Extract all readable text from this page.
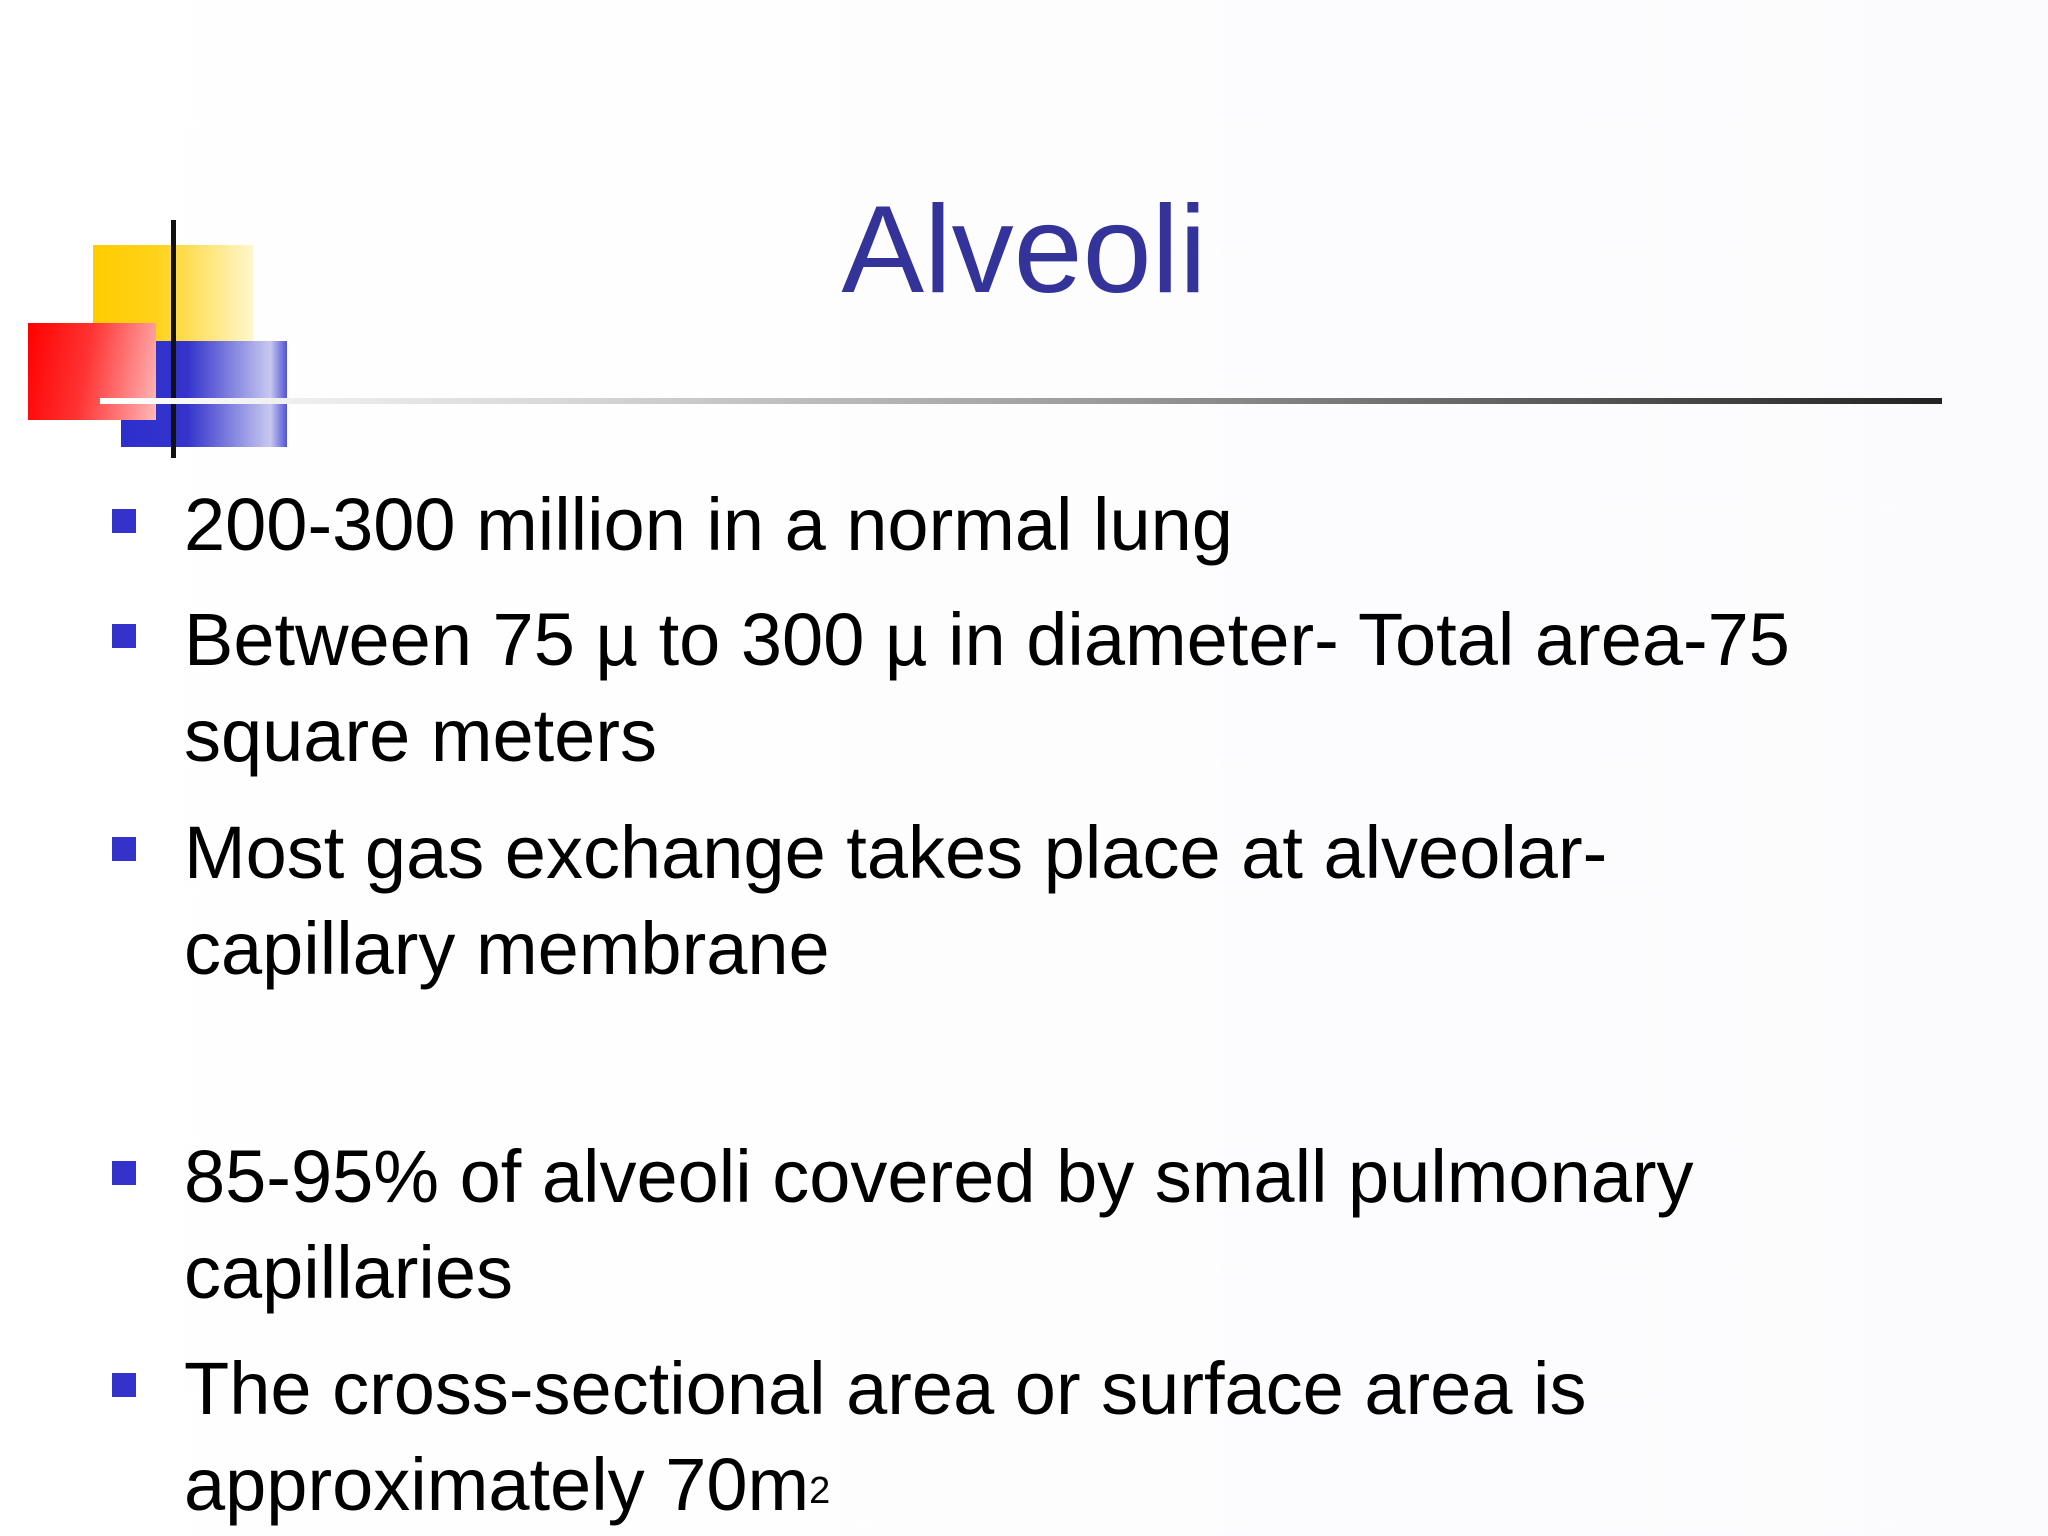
Alveoli
200-300 million in a normal lung
Between 75 µ to 300 µ in diameter- Total area-75 square meters
Most gas exchange takes place at alveolar-capillary membrane
85-95% of alveoli covered by small pulmonary capillaries
The cross-sectional area or surface area is approximately $70m^2$
